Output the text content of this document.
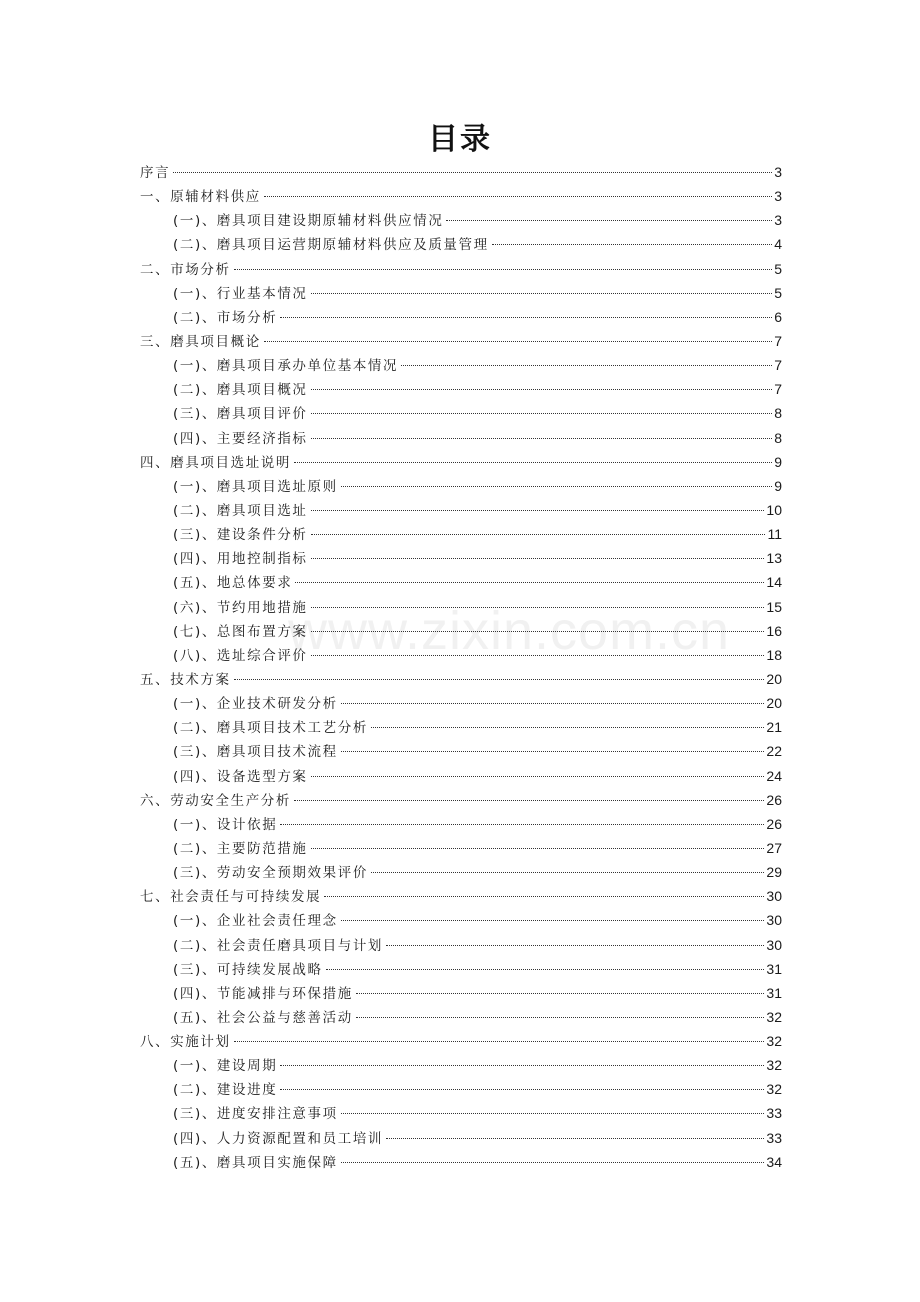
目录
www.zixin.com.cn
序言	3
一、原辅材料供应	3
(一)、磨具项目建设期原辅材料供应情况	3
(二)、磨具项目运营期原辅材料供应及质量管理	4
二、市场分析	5
(一)、行业基本情况	5
(二)、市场分析	6
三、磨具项目概论	7
(一)、磨具项目承办单位基本情况	7
(二)、磨具项目概况	7
(三)、磨具项目评价	8
(四)、主要经济指标	8
四、磨具项目选址说明	9
(一)、磨具项目选址原则	9
(二)、磨具项目选址	10
(三)、建设条件分析	11
(四)、用地控制指标	13
(五)、地总体要求	14
(六)、节约用地措施	15
(七)、总图布置方案	16
(八)、选址综合评价	18
五、技术方案	20
(一)、企业技术研发分析	20
(二)、磨具项目技术工艺分析	21
(三)、磨具项目技术流程	22
(四)、设备选型方案	24
六、劳动安全生产分析	26
(一)、设计依据	26
(二)、主要防范措施	27
(三)、劳动安全预期效果评价	29
七、社会责任与可持续发展	30
(一)、企业社会责任理念	30
(二)、社会责任磨具项目与计划	30
(三)、可持续发展战略	31
(四)、节能减排与环保措施	31
(五)、社会公益与慈善活动	32
八、实施计划	32
(一)、建设周期	32
(二)、建设进度	32
(三)、进度安排注意事项	33
(四)、人力资源配置和员工培训	33
(五)、磨具项目实施保障	34
